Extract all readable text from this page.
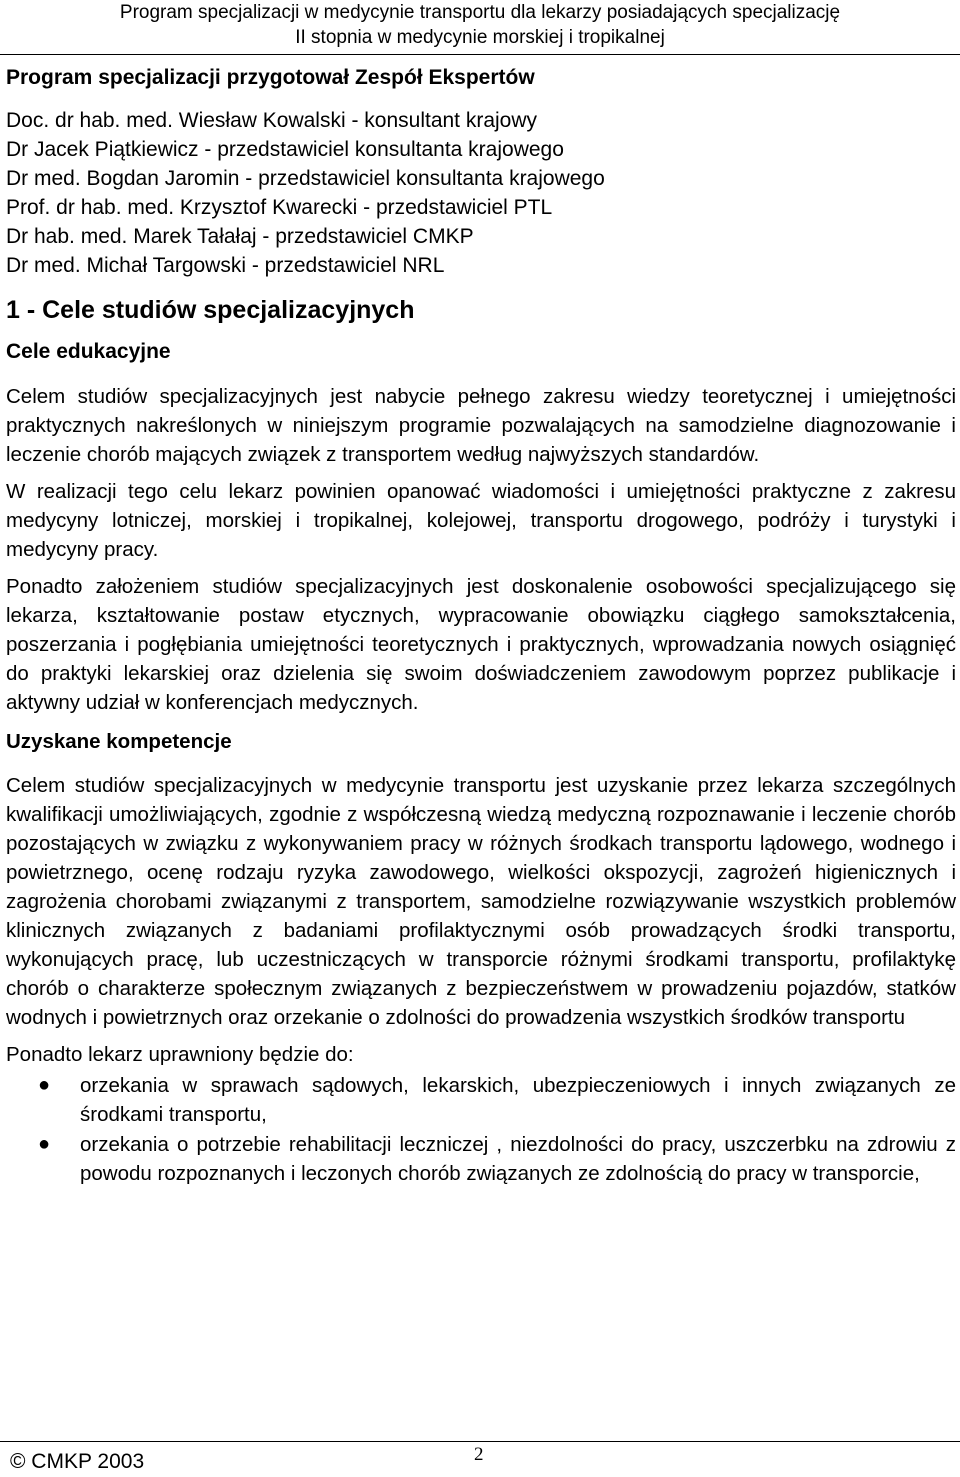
Program specjalizacji w medycynie transportu dla lekarzy posiadających specjalizację
II stopnia w medycynie morskiej i tropikalnej
Program specjalizacji przygotował Zespół Ekspertów
Doc. dr hab. med. Wiesław Kowalski - konsultant krajowy
Dr Jacek Piątkiewicz - przedstawiciel konsultanta krajowego
Dr med. Bogdan Jaromin - przedstawiciel konsultanta krajowego
Prof. dr hab. med. Krzysztof Kwarecki - przedstawiciel PTL
Dr hab. med. Marek Tałałaj - przedstawiciel CMKP
Dr med. Michał Targowski - przedstawiciel NRL
1 - Cele studiów specjalizacyjnych
Cele edukacyjne

Celem studiów specjalizacyjnych jest nabycie pełnego zakresu wiedzy teoretycznej i umiejętności praktycznych nakreślonych w niniejszym programie pozwalających na samodzielne diagnozowanie i leczenie chorób mających związek z transportem według najwyższych standardów.

W realizacji tego celu lekarz powinien opanować wiadomości i umiejętności praktyczne z zakresu medycyny lotniczej, morskiej i tropikalnej, kolejowej, transportu drogowego, podróży i turystyki i medycyny pracy.

Ponadto założeniem studiów specjalizacyjnych jest doskonalenie osobowości specjalizującego się lekarza, kształtowanie postaw etycznych, wypracowanie obowiązku ciągłego samokształcenia, poszerzania i pogłębiania umiejętności teoretycznych i praktycznych, wprowadzania nowych osiągnięć do praktyki lekarskiej oraz dzielenia się swoim doświadczeniem zawodowym poprzez publikacje i aktywny udział w konferencjach medycznych.

Uzyskane kompetencje

Celem studiów specjalizacyjnych w medycynie transportu jest uzyskanie przez lekarza szczególnych kwalifikacji umożliwiających, zgodnie z współczesną wiedzą medyczną rozpoznawanie i leczenie chorób pozostających w związku z wykonywaniem pracy w różnych środkach transportu lądowego, wodnego i powietrznego, ocenę rodzaju ryzyka zawodowego, wielkości okspozycji, zagrożeń higienicznych i zagrożenia chorobami związanymi z transportem, samodzielne rozwiązywanie wszystkich problemów klinicznych związanych z badaniami profilaktycznymi osób prowadzących środki transportu, wykonujących pracę, lub uczestniczących w transporcie różnymi środkami transportu, profilaktykę chorób o charakterze społecznym związanych z bezpieczeństwem w prowadzeniu pojazdów, statków wodnych i powietrznych oraz orzekanie o zdolności do prowadzenia wszystkich środków transportu

Ponadto lekarz uprawniony będzie do:

● orzekania w sprawach sądowych, lekarskich, ubezpieczeniowych i innych związanych ze środkami transportu,
● orzekania o potrzebie rehabilitacji leczniczej , niezdolności do pracy, uszczerbku na zdrowiu z powodu rozpoznanych i leczonych chorób związanych ze zdolnością do pracy w transporcie,
© CMKP 2003	2
